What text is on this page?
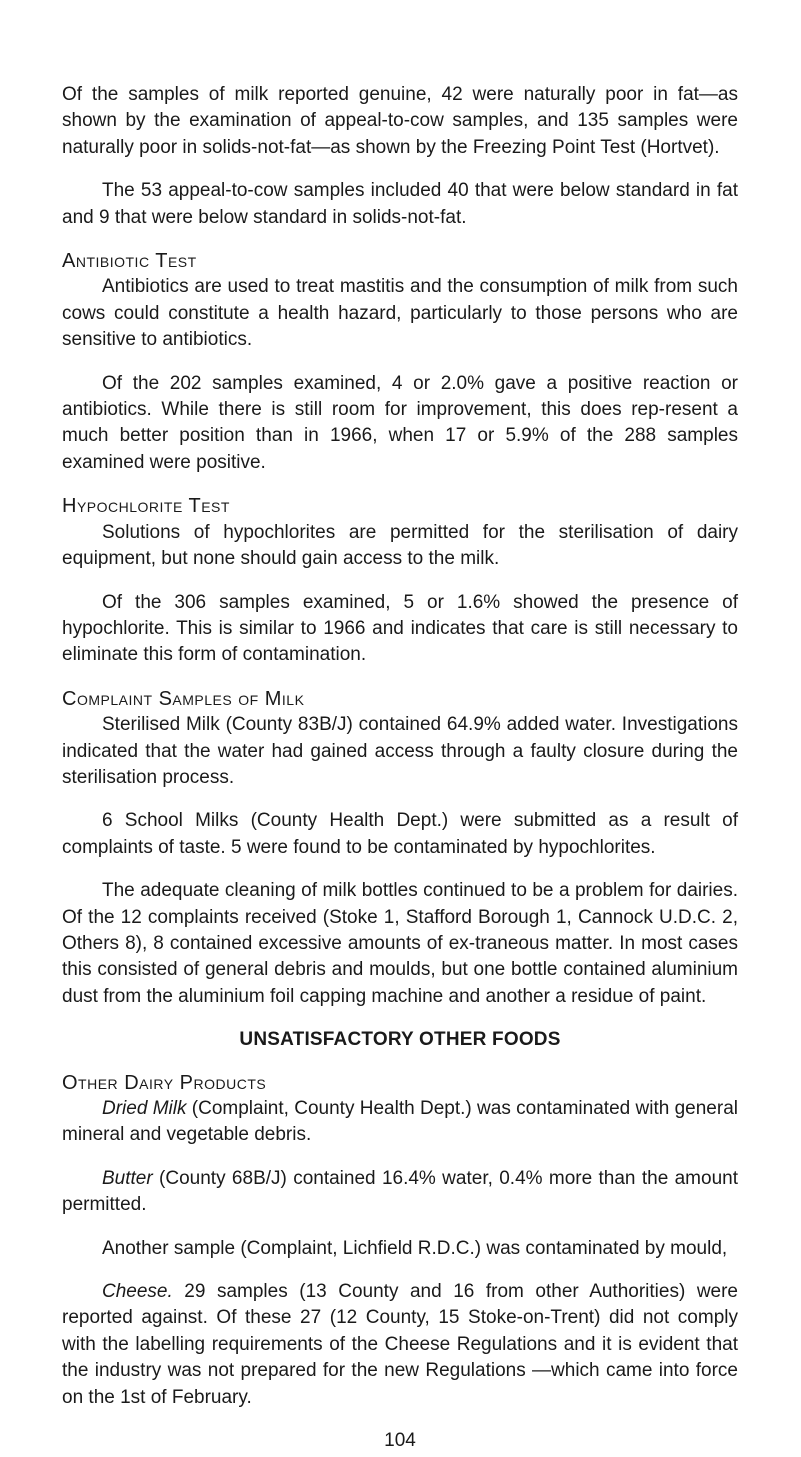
Of the samples of milk reported genuine, 42 were naturally poor in fat—as shown by the examination of appeal-to-cow samples, and 135 samples were naturally poor in solids-not-fat—as shown by the Freezing Point Test (Hortvet).

The 53 appeal-to-cow samples included 40 that were below standard in fat and 9 that were below standard in solids-not-fat.

Antibiotic Test

Antibiotics are used to treat mastitis and the consumption of milk from such cows could constitute a health hazard, particularly to those persons who are sensitive to antibiotics.

Of the 202 samples examined, 4 or 2.0% gave a positive reaction or antibiotics. While there is still room for improvement, this does rep-resent a much better position than in 1966, when 17 or 5.9% of the 288 samples examined were positive.

Hypochlorite Test

Solutions of hypochlorites are permitted for the sterilisation of dairy equipment, but none should gain access to the milk.

Of the 306 samples examined, 5 or 1.6% showed the presence of hypochlorite. This is similar to 1966 and indicates that care is still necessary to eliminate this form of contamination.

Complaint Samples of Milk

Sterilised Milk (County 83B/J) contained 64.9% added water. Investigations indicated that the water had gained access through a faulty closure during the sterilisation process.

6 School Milks (County Health Dept.) were submitted as a result of complaints of taste. 5 were found to be contaminated by hypochlorites.

The adequate cleaning of milk bottles continued to be a problem for dairies. Of the 12 complaints received (Stoke 1, Stafford Borough 1, Cannock U.D.C. 2, Others 8), 8 contained excessive amounts of ex-traneous matter. In most cases this consisted of general debris and moulds, but one bottle contained aluminium dust from the aluminium foil capping machine and another a residue of paint.

UNSATISFACTORY OTHER FOODS
Other Dairy Products

Dried Milk (Complaint, County Health Dept.) was contaminated with general mineral and vegetable debris.

Butter (County 68B/J) contained 16.4% water, 0.4% more than the amount permitted.

Another sample (Complaint, Lichfield R.D.C.) was contaminated by mould,

Cheese. 29 samples (13 County and 16 from other Authorities) were reported against. Of these 27 (12 County, 15 Stoke-on-Trent) did not comply with the labelling requirements of the Cheese Regulations and it is evident that the industry was not prepared for the new Regulations —which came into force on the 1st of February.

104
